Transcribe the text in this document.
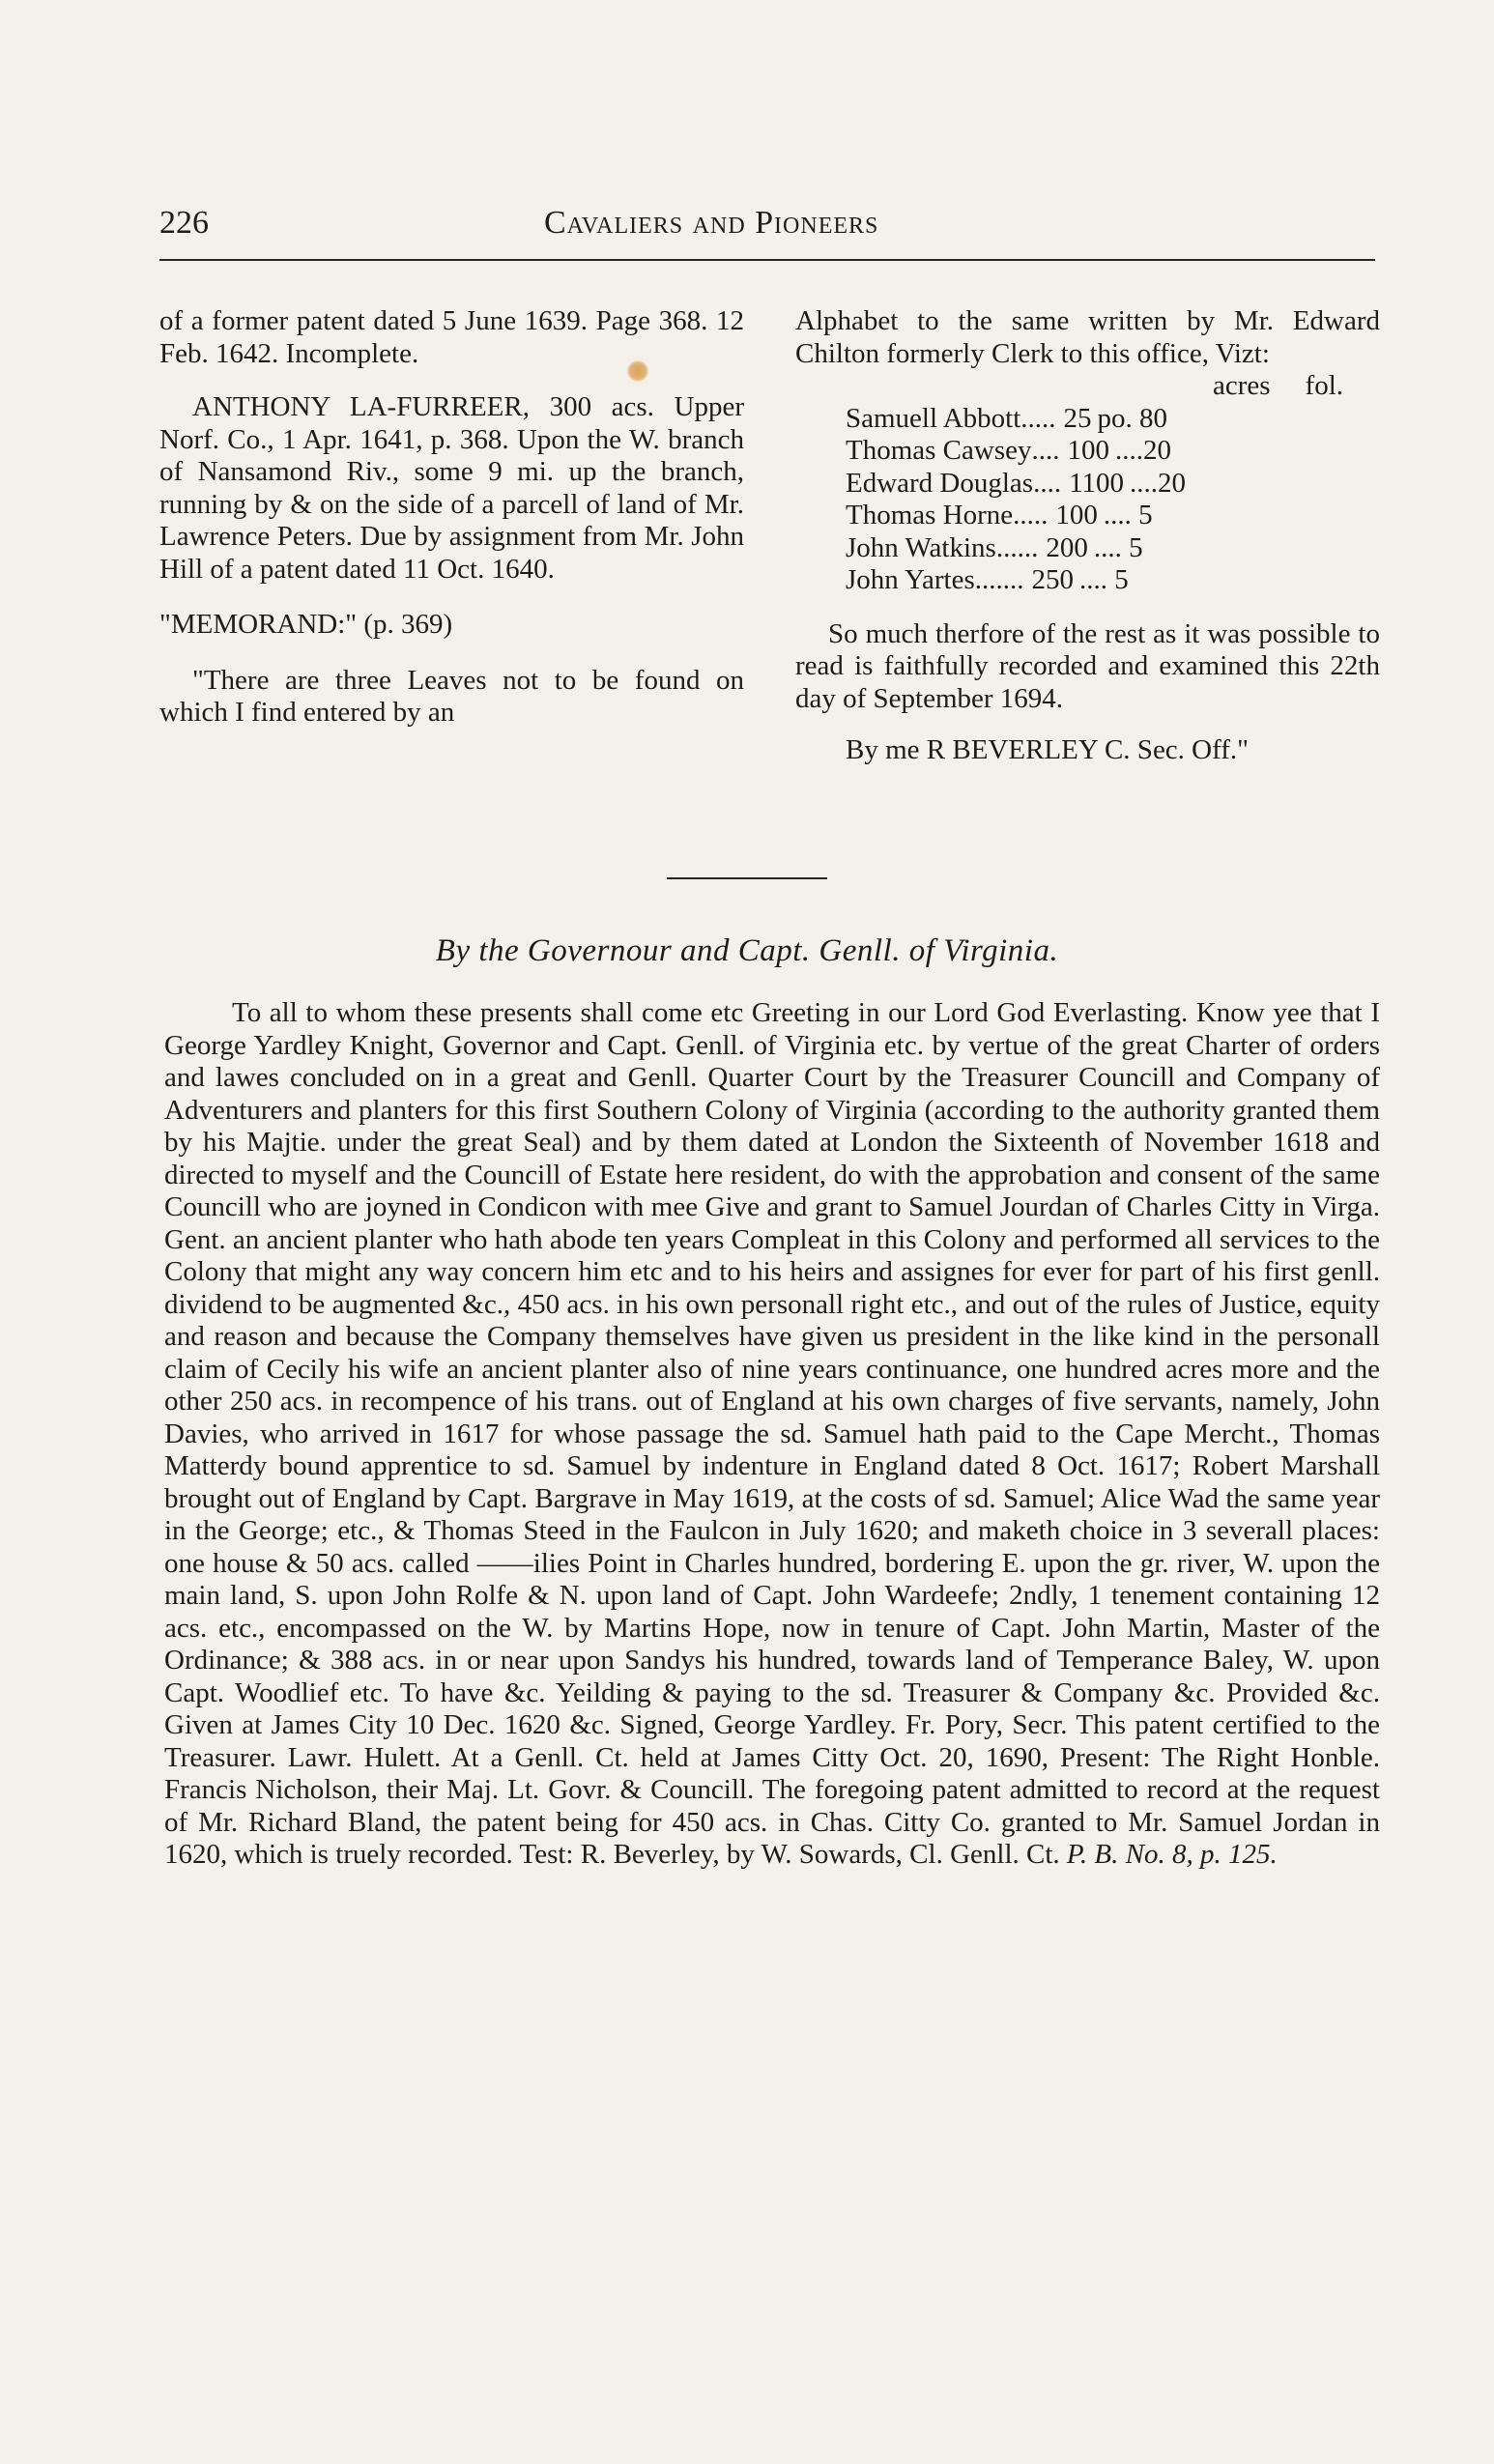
226	Cavaliers and Pioneers

of a former patent dated 5 June 1639. Page 368. 12 Feb. 1642. Incomplete.

ANTHONY LA-FURREER, 300 acs. Upper Norf. Co., 1 Apr. 1641, p. 368. Upon the W. branch of Nansamond Riv., some 9 mi. up the branch, running by & on the side of a parcell of land of Mr. Lawrence Peters. Due by assignment from Mr. John Hill of a patent dated 11 Oct. 1640.

"MEMORAND:" (p. 369)

"There are three Leaves not to be found on which I find entered by an

Alphabet to the same written by Mr. Edward Chilton formerly Clerk to this office, Vizt:

acres fol.
Samuell Abbott ..... 25 po. 80
Thomas Cawsey .... 100 ....20
Edward Douglas .... 1100 ....20
Thomas Horne ..... 100 .... 5
John Watkins ...... 200 .... 5
John Yartes ....... 250 .... 5

So much therfore of the rest as it was possible to read is faithfully recorded and examined this 22th day of September 1694.

By me R BEVERLEY C. Sec. Off."

By the Governour and Capt. Genll. of Virginia.

To all to whom these presents shall come etc Greeting in our Lord God Everlasting. Know yee that I George Yardley Knight, Governor and Capt. Genll. of Virginia etc. by vertue of the great Charter of orders and lawes concluded on in a great and Genll. Quarter Court by the Treasurer Councill and Company of Adventurers and planters for this first Southern Colony of Virginia (according to the authority granted them by his Majtie. under the great Seal) and by them dated at London the Sixteenth of November 1618 and directed to myself and the Councill of Estate here resident, do with the approbation and consent of the same Councill who are joyned in Condicon with mee Give and grant to Samuel Jourdan of Charles Citty in Virga. Gent. an ancient planter who hath abode ten years Compleat in this Colony and performed all services to the Colony that might any way concern him etc and to his heirs and assignes for ever for part of his first genll. dividend to be augmented &c., 450 acs. in his own personall right etc., and out of the rules of Justice, equity and reason and because the Company themselves have given us president in the like kind in the personall claim of Cecily his wife an ancient planter also of nine years continuance, one hundred acres more and the other 250 acs. in recompence of his trans. out of England at his own charges of five servants, namely, John Davies, who arrived in 1617 for whose passage the sd. Samuel hath paid to the Cape Mercht., Thomas Matterdy bound apprentice to sd. Samuel by indenture in England dated 8 Oct. 1617; Robert Marshall brought out of England by Capt. Bargrave in May 1619, at the costs of sd. Samuel; Alice Wad the same year in the George; etc., & Thomas Steed in the Faulcon in July 1620; and maketh choice in 3 severall places: one house & 50 acs. called ——ilies Point in Charles hundred, bordering E. upon the gr. river, W. upon the main land, S. upon John Rolfe & N. upon land of Capt. John Wardeefe; 2ndly, 1 tenement containing 12 acs. etc., encompassed on the W. by Martins Hope, now in tenure of Capt. John Martin, Master of the Ordinance; & 388 acs. in or near upon Sandys his hundred, towards land of Temperance Baley, W. upon Capt. Woodlief etc. To have &c. Yeilding & paying to the sd. Treasurer & Company &c. Provided &c. Given at James City 10 Dec. 1620 &c. Signed, George Yardley. Fr. Pory, Secr. This patent certified to the Treasurer. Lawr. Hulett. At a Genll. Ct. held at James Citty Oct. 20, 1690, Present: The Right Honble. Francis Nicholson, their Maj. Lt. Govr. & Councill. The foregoing patent admitted to record at the request of Mr. Richard Bland, the patent being for 450 acs. in Chas. Citty Co. granted to Mr. Samuel Jordan in 1620, which is truely recorded. Test: R. Beverley, by W. Sowards, Cl. Genll. Ct. P. B. No. 8, p. 125.
